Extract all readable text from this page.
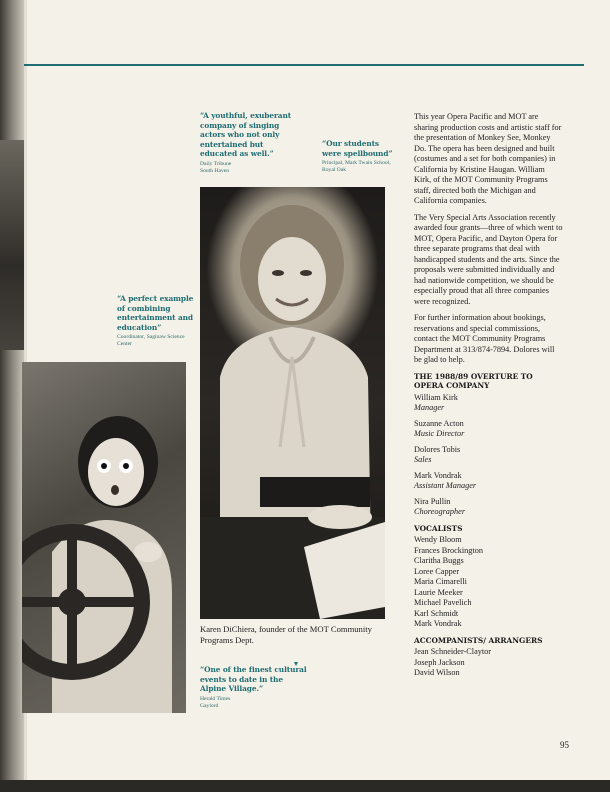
“A youthful, exuberant company of singing actors who not only entertained but educated as well.”
Daily Tribune
South Haven
“Our students were spellbound”
Principal, Mark Twain School, Royal Oak
“A perfect example of combining entertainment and education”
Coordinator, Saginaw Science Center
Karen DiChiera, founder of the MOT Community Programs Dept.
“One of the finest cultural events to date in the Alpine Village.”
Herald Times
Gaylord

This year Opera Pacific and MOT are sharing production costs and artistic staff for the presentation of Monkey See, Monkey Do. The opera has been designed and built (costumes and a set for both companies) in California by Kristine Haugan. William Kirk, of the MOT Community Programs staff, directed both the Michigan and California companies.

The Very Special Arts Association recently awarded four grants—three of which went to MOT, Opera Pacific, and Dayton Opera for three separate programs that deal with handicapped students and the arts. Since the proposals were submitted individually and had nationwide competition, we should be especially proud that all three companies were recognized.

For further information about bookings, reservations and special commissions, contact the MOT Community Programs Department at 313/874-7894. Dolores will be glad to help.

THE 1988/89 OVERTURE TO OPERA COMPANY
William Kirk
Manager
Suzanne Acton
Music Director
Dolores Tobis
Sales
Mark Vondrak
Assistant Manager
Nira Pullin
Choreographer
VOCALISTS
Wendy Bloom
Frances Brockington
Claritha Buggs
Loree Capper
Maria Cimarelli
Laurie Meeker
Michael Pavelich
Karl Schmidt
Mark Vondrak
ACCOMPANISTS/ ARRANGERS
Jean Schneider-Claytor
Joseph Jackson
David Wilson
95
